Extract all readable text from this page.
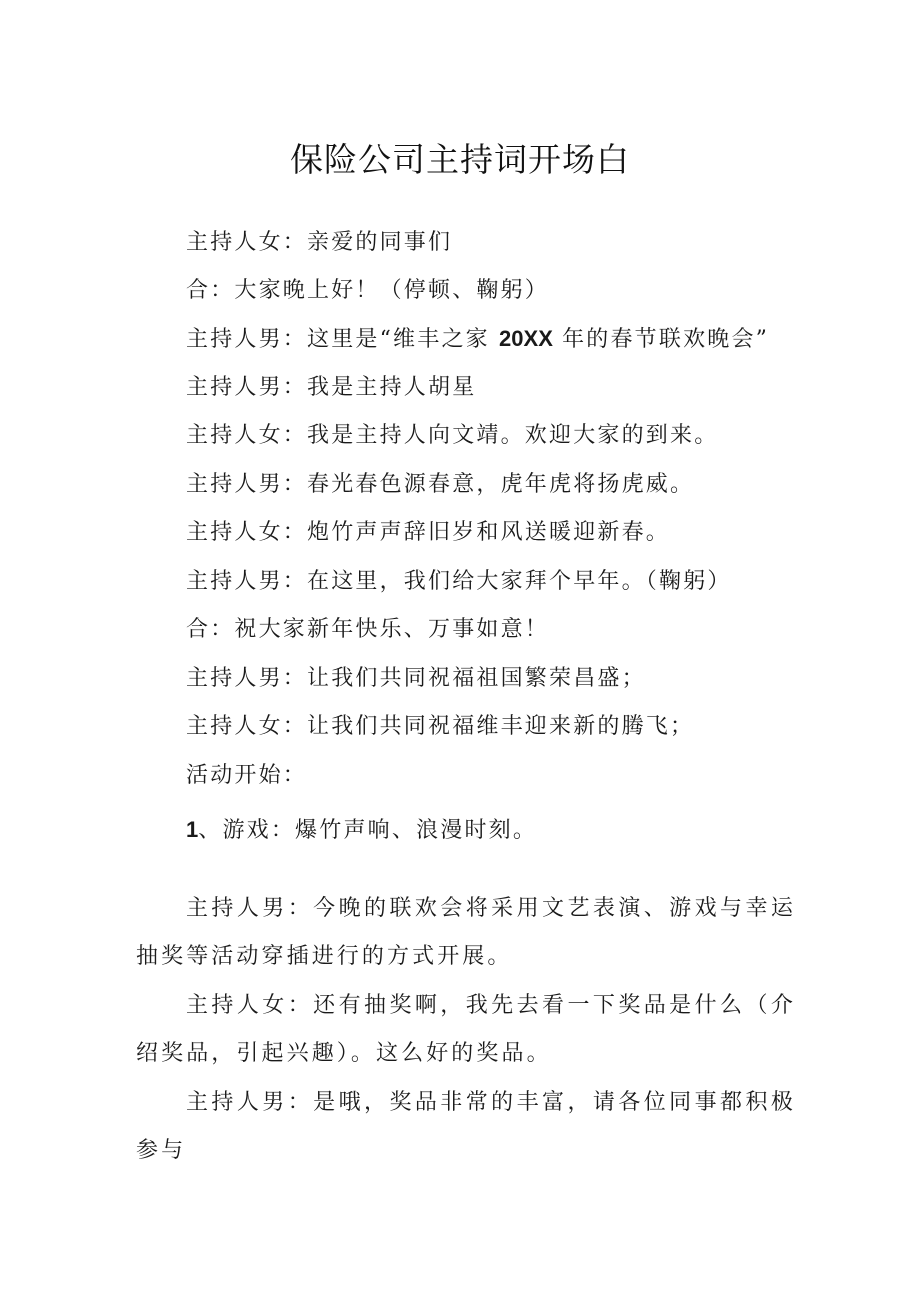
保险公司主持词开场白
主持人女：亲爱的同事们
合：大家晚上好！（停顿、鞠躬）
主持人男：这里是“维丰之家 20XX 年的春节联欢晚会”
主持人男：我是主持人胡星
主持人女：我是主持人向文靖。欢迎大家的到来。
主持人男：春光春色源春意，虎年虎将扬虎威。
主持人女：炮竹声声辞旧岁和风送暖迎新春。
主持人男：在这里，我们给大家拜个早年。（鞠躬）
合：祝大家新年快乐、万事如意！
主持人男：让我们共同祝福祖国繁荣昌盛；
主持人女：让我们共同祝福维丰迎来新的腾飞；
活动开始：
1、游戏：爆竹声响、浪漫时刻。
主持人男：今晚的联欢会将采用文艺表演、游戏与幸运抽奖等活动穿插进行的方式开展。
主持人女：还有抽奖啊，我先去看一下奖品是什么（介绍奖品，引起兴趣）。这么好的奖品。
主持人男：是哦，奖品非常的丰富，请各位同事都积极参与
